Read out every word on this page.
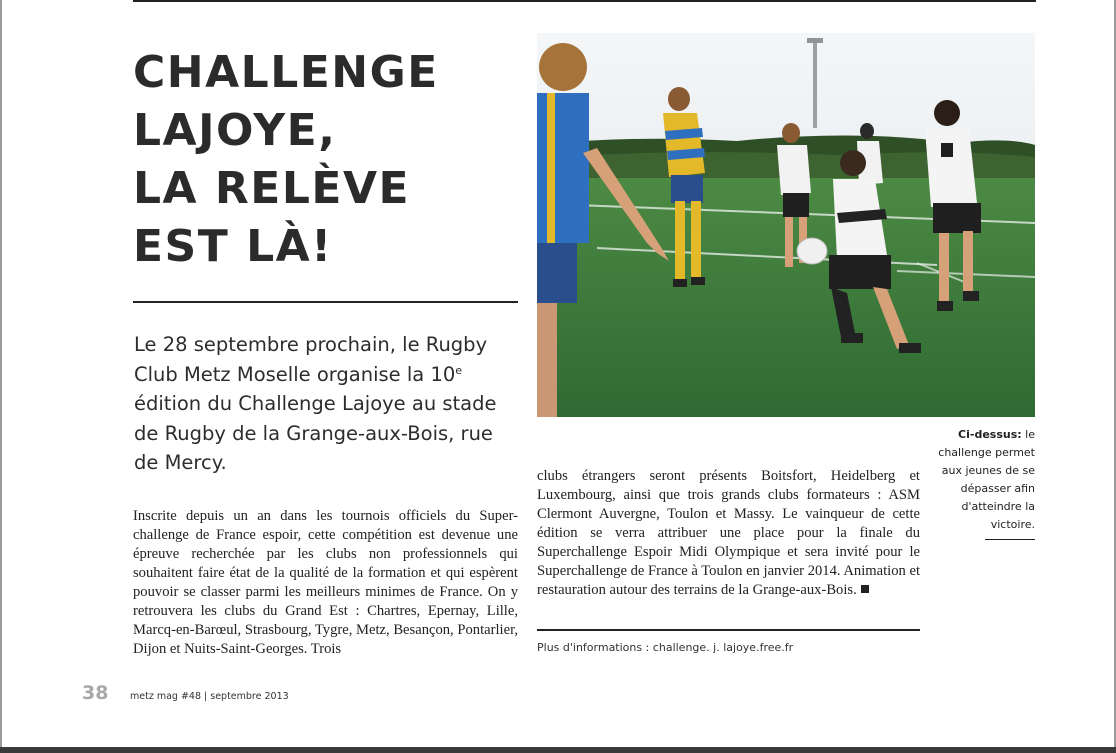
CHALLENGE
LAJOYE,
LA RELÈVE
EST LÀ!

Le 28 septembre prochain, le Rugby Club Metz Moselle organise la 10e édition du Challenge Lajoye au stade de Rugby de la Grange-aux-Bois, rue de Mercy.

Inscrite depuis un an dans les tournois officiels du Super-challenge de France espoir, cette compétition est devenue une épreuve recherchée par les clubs non professionnels qui souhaitent faire état de la qualité de la formation et qui espèrent pouvoir se classer parmi les meilleurs minimes de France. On y retrouvera les clubs du Grand Est : Chartres, Epernay, Lille, Marcq-en-Barœul, Strasbourg, Tygre, Metz, Besançon, Pontarlier, Dijon et Nuits-Saint-Georges. Trois

clubs étrangers seront présents Boitsfort, Heidelberg et Luxembourg, ainsi que trois grands clubs formateurs : ASM Clermont Auvergne, Toulon et Massy. Le vainqueur de cette édition se verra attribuer une place pour la finale du Superchallenge Espoir Midi Olympique et sera invité pour le Superchallenge de France à Toulon en janvier 2014. Animation et restauration autour des terrains de la Grange-aux-Bois.

Plus d'informations : challenge. j. lajoye.free.fr

Ci-dessus: le challenge permet aux jeunes de se dépasser afin d'atteindre la victoire.

38 metz mag #48 | septembre 2013
